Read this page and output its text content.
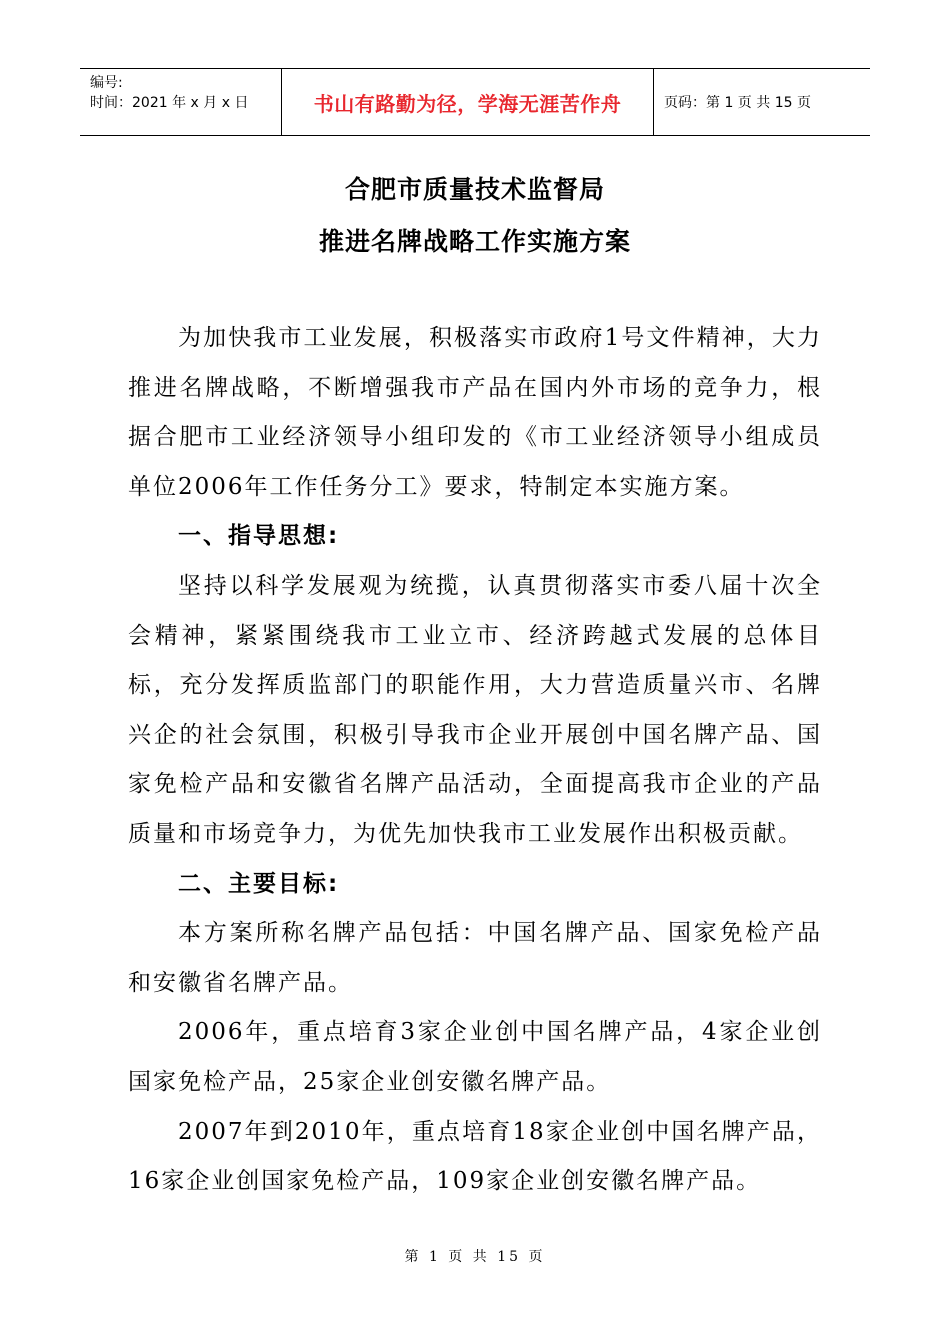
编号:
时间：2021 年 x 月 x 日	书山有路勤为径，学海无涯苦作舟	页码：第 1 页 共 15 页
合肥市质量技术监督局
推进名牌战略工作实施方案

为加快我市工业发展，积极落实市政府1号文件精神，大力推进名牌战略，不断增强我市产品在国内外市场的竞争力，根据合肥市工业经济领导小组印发的《市工业经济领导小组成员单位2006年工作任务分工》要求，特制定本实施方案。

一、指导思想:

坚持以科学发展观为统揽，认真贯彻落实市委八届十次全会精神，紧紧围绕我市工业立市、经济跨越式发展的总体目标，充分发挥质监部门的职能作用，大力营造质量兴市、名牌兴企的社会氛围，积极引导我市企业开展创中国名牌产品、国家免检产品和安徽省名牌产品活动，全面提高我市企业的产品质量和市场竞争力，为优先加快我市工业发展作出积极贡献。

二、主要目标:

本方案所称名牌产品包括：中国名牌产品、国家免检产品和安徽省名牌产品。

2006年，重点培育3家企业创中国名牌产品，4家企业创国家免检产品，25家企业创安徽名牌产品。

2007年到2010年，重点培育18家企业创中国名牌产品，16家企业创国家免检产品，109家企业创安徽名牌产品。

第 1 页 共 15 页
